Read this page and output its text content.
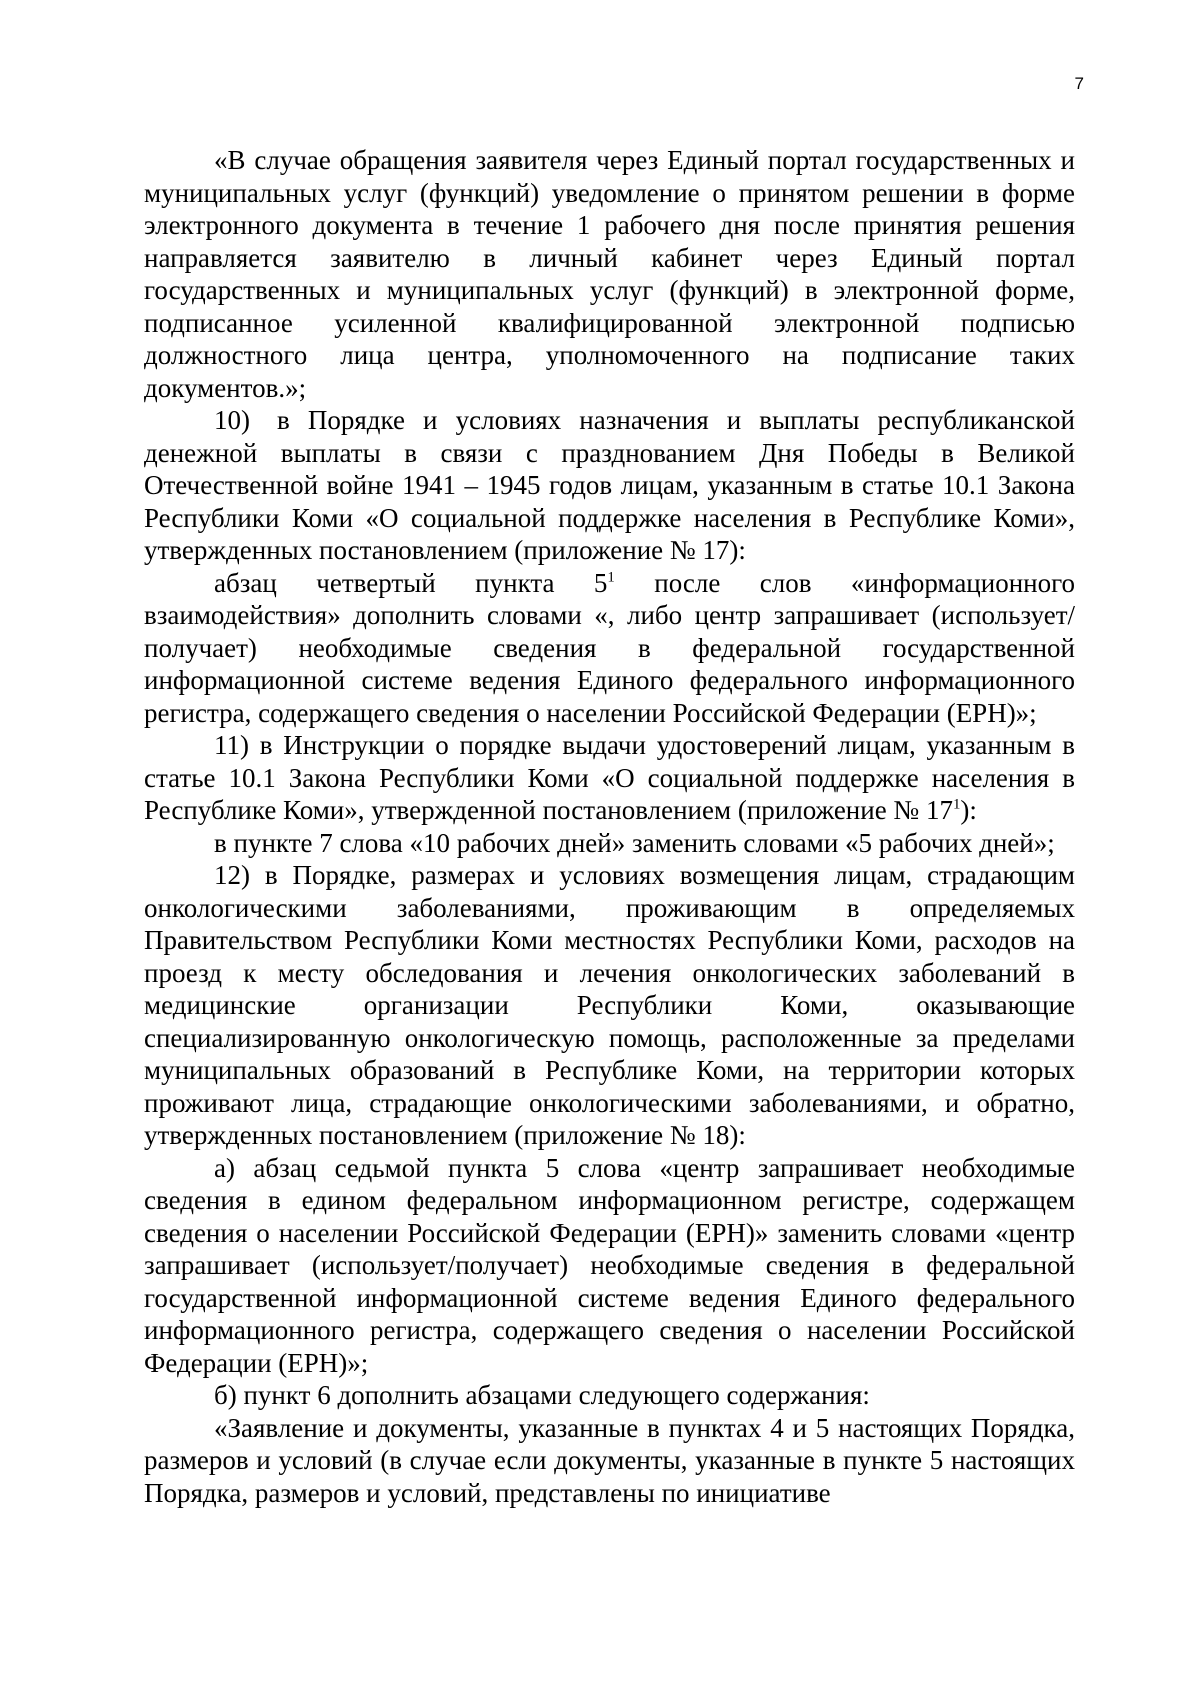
7

«В случае обращения заявителя через Единый портал государственных и муниципальных услуг (функций) уведомление о принятом решении в форме электронного документа в течение 1 рабочего дня после принятия решения направляется заявителю в личный кабинет через Единый портал государственных и муниципальных услуг (функций) в электронной форме, подписанное усиленной квалифицированной электронной подписью должностного лица центра, уполномоченного на подписание таких документов.»;

10) в Порядке и условиях назначения и выплаты республиканской денежной выплаты в связи с празднованием Дня Победы в Великой Отечественной войне 1941 – 1945 годов лицам, указанным в статье 10.1 Закона Республики Коми «О социальной поддержке населения в Республике Коми», утвержденных постановлением (приложение № 17):

абзац четвертый пункта $5^1$ после слов «информационного взаимодействия» дополнить словами «, либо центр запрашивает (использует/получает) необходимые сведения в федеральной государственной информационной системе ведения Единого федерального информационного регистра, содержащего сведения о населении Российской Федерации (ЕРН)»;

11) в Инструкции о порядке выдачи удостоверений лицам, указанным в статье 10.1 Закона Республики Коми «О социальной поддержке населения в Республике Коми», утвержденной постановлением (приложение № $17^1$):

в пункте 7 слова «10 рабочих дней» заменить словами «5 рабочих дней»;

12) в Порядке, размерах и условиях возмещения лицам, страдающим онкологическими заболеваниями, проживающим в определяемых Правительством Республики Коми местностях Республики Коми, расходов на проезд к месту обследования и лечения онкологических заболеваний в медицинские организации Республики Коми, оказывающие специализированную онкологическую помощь, расположенные за пределами муниципальных образований в Республике Коми, на территории которых проживают лица, страдающие онкологическими заболеваниями, и обратно, утвержденных постановлением (приложение № 18):

а) абзац седьмой пункта 5 слова «центр запрашивает необходимые сведения в едином федеральном информационном регистре, содержащем сведения о населении Российской Федерации (ЕРН)» заменить словами «центр запрашивает (использует/получает) необходимые сведения в федеральной государственной информационной системе ведения Единого федерального информационного регистра, содержащего сведения о населении Российской Федерации (ЕРН)»;

б) пункт 6 дополнить абзацами следующего содержания:

«Заявление и документы, указанные в пунктах 4 и 5 настоящих Порядка, размеров и условий (в случае если документы, указанные в пункте 5 настоящих Порядка, размеров и условий, представлены по инициативе
